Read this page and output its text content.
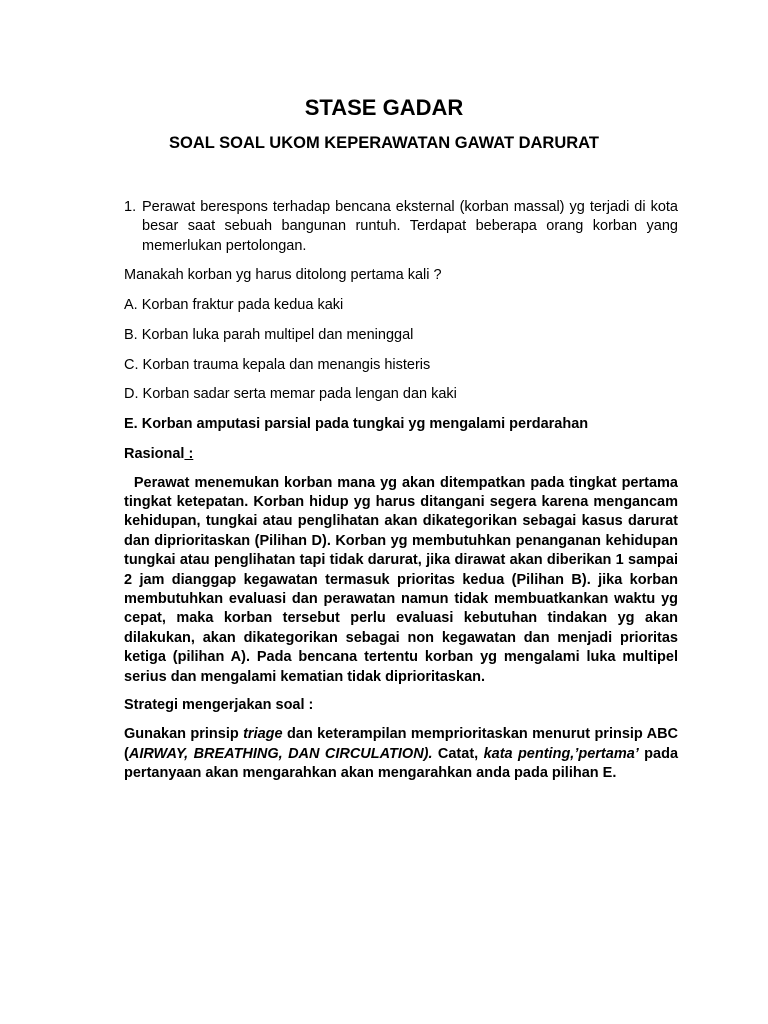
STASE GADAR
SOAL SOAL UKOM KEPERAWATAN GAWAT DARURAT
1. Perawat berespons terhadap bencana eksternal (korban massal) yg terjadi di kota besar saat sebuah bangunan runtuh. Terdapat beberapa orang korban yang memerlukan pertolongan.

Manakah korban yg harus ditolong pertama kali ?

A. Korban fraktur pada kedua kaki

B. Korban luka parah multipel dan meninggal

C. Korban trauma kepala dan menangis histeris

D. Korban sadar serta memar pada lengan dan kaki

E. Korban amputasi parsial pada tungkai yg mengalami perdarahan

Rasional :

Perawat menemukan korban mana yg akan ditempatkan pada tingkat pertama tingkat ketepatan. Korban hidup yg harus ditangani segera karena mengancam kehidupan, tungkai atau penglihatan akan dikategorikan sebagai kasus darurat dan diprioritaskan (Pilihan D). Korban yg membutuhkan penanganan kehidupan tungkai atau penglihatan tapi tidak darurat, jika dirawat akan diberikan 1 sampai 2 jam dianggap kegawatan termasuk prioritas kedua (Pilihan B). jika korban membutuhkan evaluasi dan perawatan namun tidak membuatkankan waktu yg cepat, maka korban tersebut perlu evaluasi kebutuhan tindakan yg akan dilakukan, akan dikategorikan sebagai non kegawatan dan menjadi prioritas ketiga (pilihan A). Pada bencana tertentu korban yg mengalami luka multipel serius dan mengalami kematian tidak diprioritaskan.

Strategi mengerjakan soal :

Gunakan prinsip triage dan keterampilan memprioritaskan menurut prinsip ABC (AIRWAY, BREATHING, DAN CIRCULATION). Catat, kata penting,’pertama’ pada pertanyaan akan mengarahkan akan mengarahkan anda pada pilihan E.
